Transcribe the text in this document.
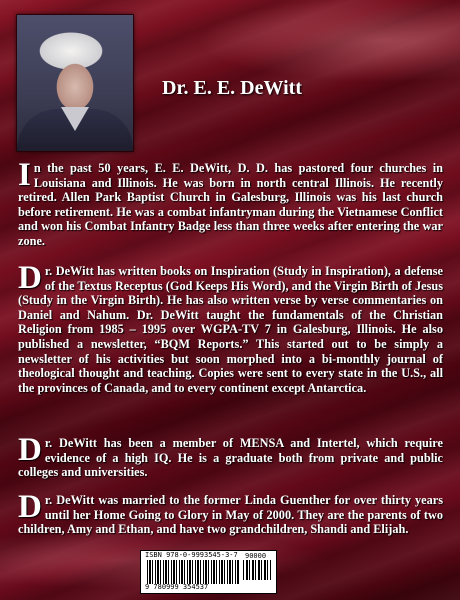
Dr. E. E. DeWitt
In the past 50 years, E. E. DeWitt, D. D. has pastored four churches in Louisiana and Illinois. He was born in north central Illinois. He recently retired. Allen Park Baptist Church in Galesburg, Illinois was his last church before retirement. He was a combat infantryman during the Vietnamese Conflict and won his Combat Infantry Badge less than three weeks after entering the war zone.
Dr. DeWitt has written books on Inspiration (Study in Inspiration), a defense of the Textus Receptus (God Keeps His Word), and the Virgin Birth of Jesus (Study in the Virgin Birth). He has also written verse by verse commentaries on Daniel and Nahum. Dr. DeWitt taught the fundamentals of the Christian Religion from 1985 – 1995 over WGPA-TV 7 in Galesburg, Illinois. He also published a newsletter, “BQM Reports.” This started out to be simply a newsletter of his activities but soon morphed into a bi-monthly journal of theological thought and teaching. Copies were sent to every state in the U.S., all the provinces of Canada, and to every continent except Antarctica.
Dr. DeWitt has been a member of MENSA and Intertel, which require evidence of a high IQ. He is a graduate both from private and public colleges and universities.
Dr. DeWitt was married to the former Linda Guenther for over thirty years until her Home Going to Glory in May of 2000. They are the parents of two children, Amy and Ethan, and have two grandchildren, Shandi and Elijah.
ISBN 978-0-9993545-3-7 90000
9 780999 354537
